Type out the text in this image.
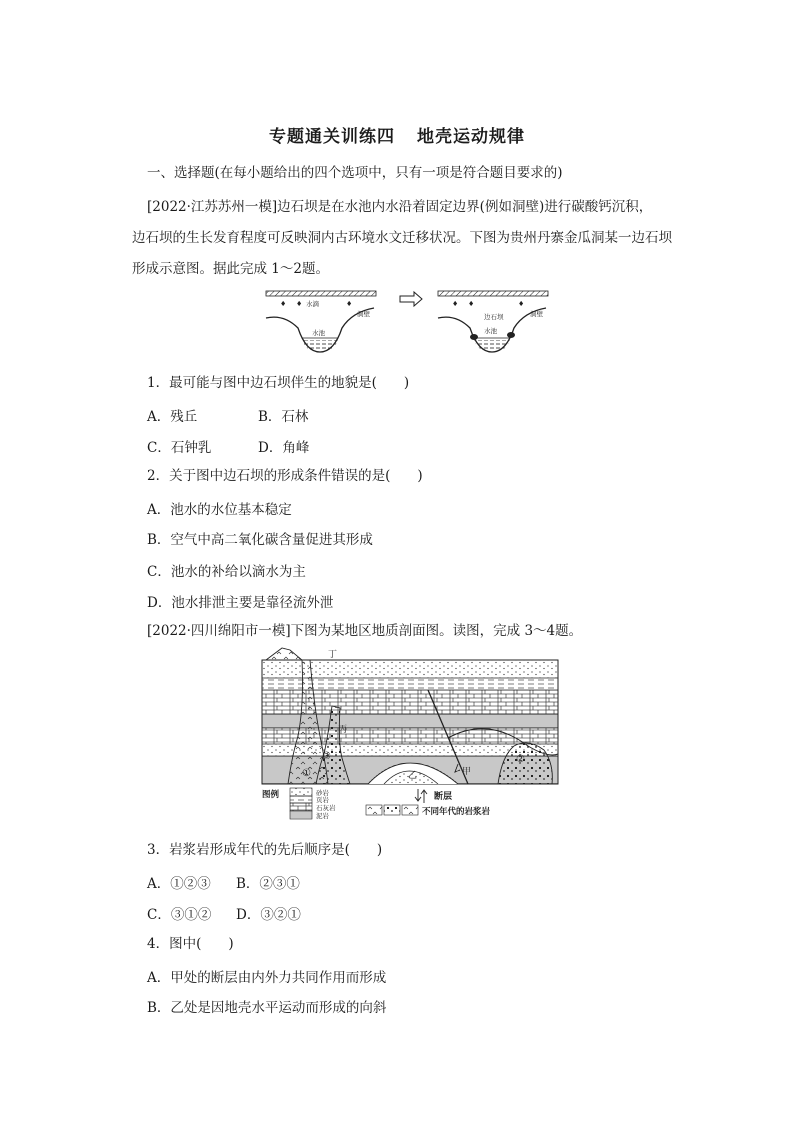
专题通关训练四 地壳运动规律
一、选择题(在每小题给出的四个选项中，只有一项是符合题目要求的)
[2022·江苏苏州一模]边石坝是在水池内水沿着固定边界(例如洞壁)进行碳酸钙沉积，
边石坝的生长发育程度可反映洞内古环境水文迁移状况。下图为贵州丹寨金瓜洞某一边石坝
形成示意图。据此完成 1～2题。
♦ ♦	♦
水滴
洞壁
水池
♦ ♦	♦
边石坝	洞壁
水池
1．最可能与图中边石坝伴生的地貌是(　　)
A．残丘	B．石林
C．石钟乳	D．角峰
2．关于图中边石坝的形成条件错误的是(　　)
A．池水的水位基本稳定
B．空气中高二氧化碳含量促进其形成
C．池水的补给以滴水为主
D．池水排泄主要是靠径流外泄
[2022·四川绵阳市一模]下图为某地区地质剖面图。读图，完成 3～4题。
丁
丙
乙	甲
①
②
③
图例	砂岩
页岩
石灰岩
泥岩
断层
不同年代的岩浆岩
3．岩浆岩形成年代的先后顺序是(　　)
A．①②③ B．②③①
C．③①② D．③②①
4．图中(　　)
A．甲处的断层由内外力共同作用而形成
B．乙处是因地壳水平运动而形成的向斜
